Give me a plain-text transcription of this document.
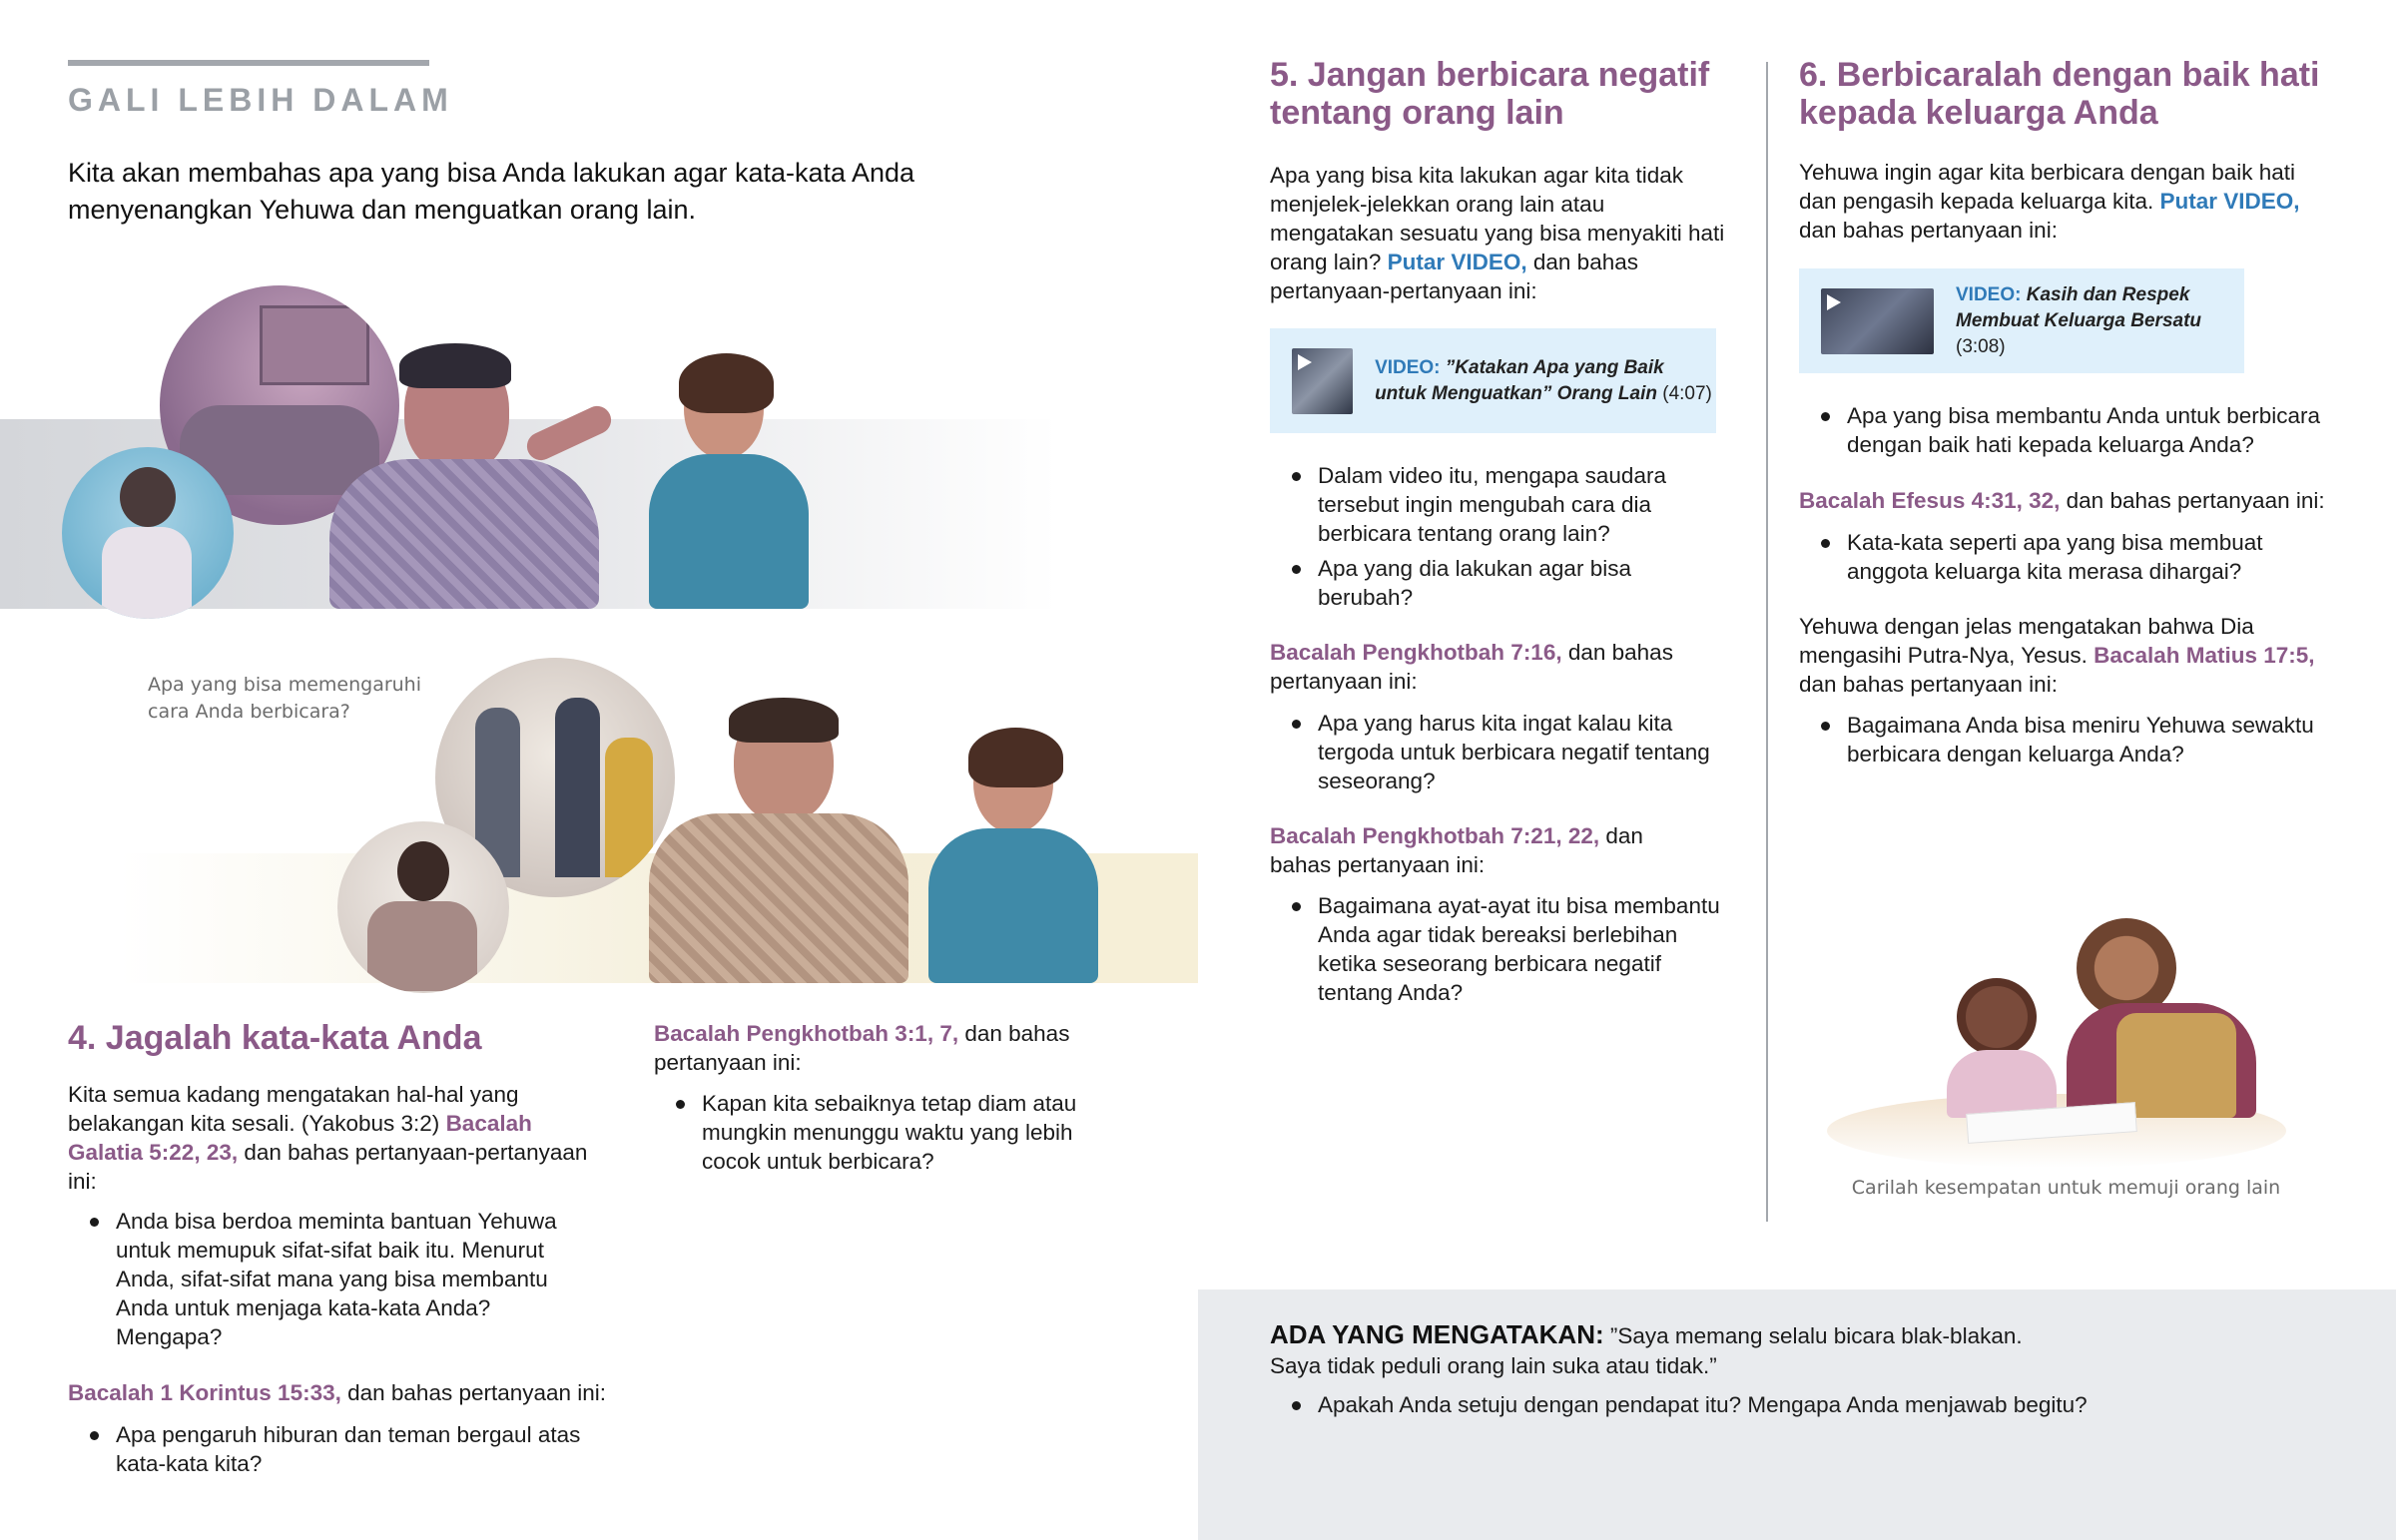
GALI LEBIH DALAM
Kita akan membahas apa yang bisa Anda lakukan agar kata-kata Anda menyenangkan Yehuwa dan menguatkan orang lain.
Apa yang bisa memengaruhi cara Anda berbicara?
4. Jagalah kata-kata Anda
Kita semua kadang mengatakan hal-hal yang belakangan kita sesali. (Yakobus 3:2) Bacalah Galatia 5:22, 23, dan bahas pertanyaan-pertanyaan ini:
Anda bisa berdoa meminta bantuan Yehuwa untuk memupuk sifat-sifat baik itu. Menurut Anda, sifat-sifat mana yang bisa membantu Anda untuk menjaga kata-kata Anda? Mengapa?
Bacalah 1 Korintus 15:33, dan bahas pertanyaan ini:
Apa pengaruh hiburan dan teman bergaul atas kata-kata kita?
Bacalah Pengkhotbah 3:1, 7, dan bahas pertanyaan ini:
Kapan kita sebaiknya tetap diam atau mungkin menunggu waktu yang lebih cocok untuk berbicara?
5. Jangan berbicara negatif tentang orang lain
Apa yang bisa kita lakukan agar kita tidak menjelek-jelekkan orang lain atau mengatakan sesuatu yang bisa menyakiti hati orang lain? Putar VIDEO, dan bahas pertanyaan-pertanyaan ini:
VIDEO: ”Katakan Apa yang Baik untuk Menguatkan” Orang Lain (4:07)
Dalam video itu, mengapa saudara tersebut ingin mengubah cara dia berbicara tentang orang lain?
Apa yang dia lakukan agar bisa berubah?
Bacalah Pengkhotbah 7:16, dan bahas pertanyaan ini:
Apa yang harus kita ingat kalau kita tergoda untuk berbicara negatif tentang seseorang?
Bacalah Pengkhotbah 7:21, 22, dan bahas pertanyaan ini:
Bagaimana ayat-ayat itu bisa membantu Anda agar tidak bereaksi berlebihan ketika seseorang berbicara negatif tentang Anda?
6. Berbicaralah dengan baik hati kepada keluarga Anda
Yehuwa ingin agar kita berbicara dengan baik hati dan pengasih kepada keluarga kita. Putar VIDEO, dan bahas pertanyaan ini:
VIDEO: Kasih dan Respek Membuat Keluarga Bersatu (3:08)
Apa yang bisa membantu Anda untuk berbicara dengan baik hati kepada keluarga Anda?
Bacalah Efesus 4:31, 32, dan bahas pertanyaan ini:
Kata-kata seperti apa yang bisa membuat anggota keluarga kita merasa dihargai?
Yehuwa dengan jelas mengatakan bahwa Dia mengasihi Putra-Nya, Yesus. Bacalah Matius 17:5, dan bahas pertanyaan ini:
Bagaimana Anda bisa meniru Yehuwa sewaktu berbicara dengan keluarga Anda?
Carilah kesempatan untuk memuji orang lain
ADA YANG MENGATAKAN: ”Saya memang selalu bicara blak-blakan. Saya tidak peduli orang lain suka atau tidak.”
Apakah Anda setuju dengan pendapat itu? Mengapa Anda menjawab begitu?
